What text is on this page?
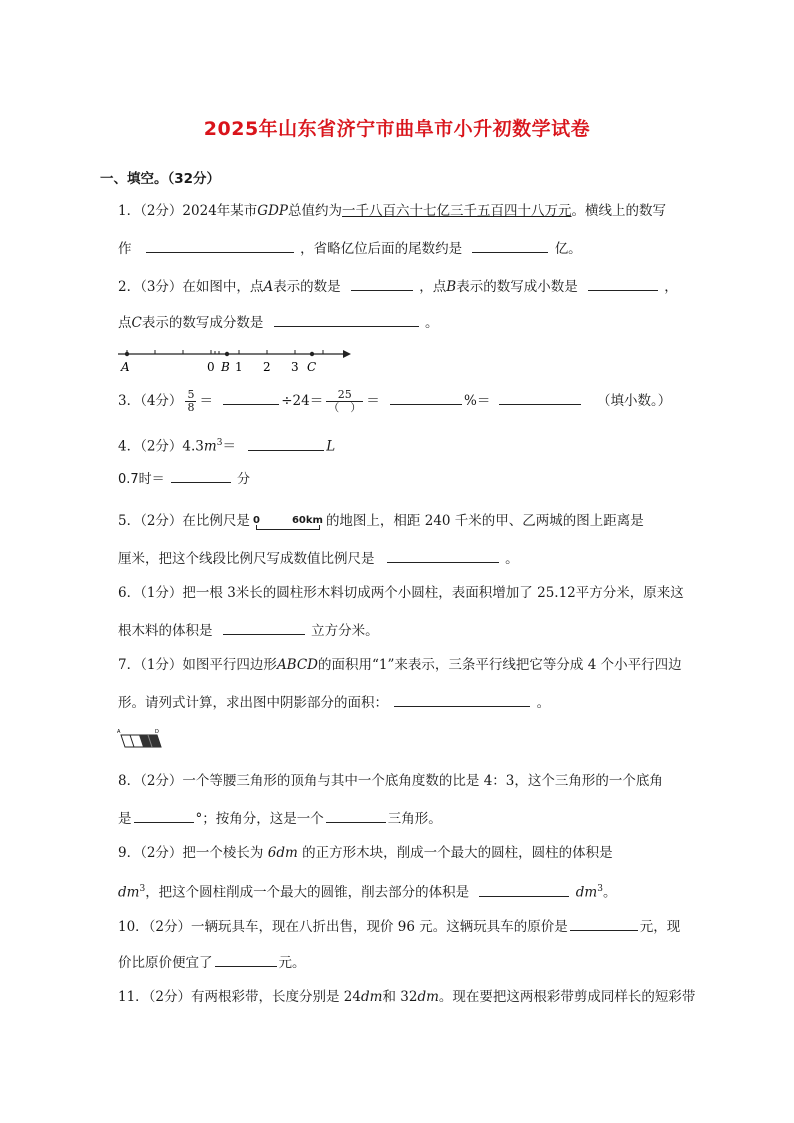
2025年山东省济宁市曲阜市小升初数学试卷
一、填空。（32分）
1．（2分）2024年某市GDP总值约为一千八百六十七亿三千五百四十八万元。横线上的数写
作	，省略亿位后面的尾数约是	亿。
2．（3分）在如图中，点A表示的数是	，点B表示的数写成小数是	，
点C表示的数写成分数是	。
A	0 B 1 2 3 C
3．（4分） $\frac{5}{8}$ ＝	$\div 24= \frac{25}{( )}$ ＝	%＝	（填小数。）
4．（2分）$4.3m^3=$	L
0.7时＝	分
5．（2分）在比例尺是 0	60km 的地图上，相距 240 千米的甲、乙两城的图上距离是
厘米，把这个线段比例尺写成数值比例尺是	。
6．（1分）把一根 3米长的圆柱形木料切成两个小圆柱，表面积增加了 25.12平方分米，原来这
根木料的体积是	立方分米。
7．（1分）如图平行四边形ABCD的面积用“1”来表示，三条平行线把它等分成 4 个小平行四边
形。请列式计算，求出图中阴影部分的面积：	。
A	D
8．（2分）一个等腰三角形的顶角与其中一个底角度数的比是 4：3，这个三角形的一个底角
是	°；按角分，这是一个	三角形。
9．（2分）把一个棱长为 6dm 的正方形木块，削成一个最大的圆柱，圆柱的体积是
$dm^3$，把这个圆柱削成一个最大的圆锥，削去部分的体积是	$dm^3$。
10．（2分）一辆玩具车，现在八折出售，现价 96 元。这辆玩具车的原价是	元，现
价比原价便宜了	元。
11．（2分）有两根彩带，长度分别是 24dm和 32dm。现在要把这两根彩带剪成同样长的短彩带
